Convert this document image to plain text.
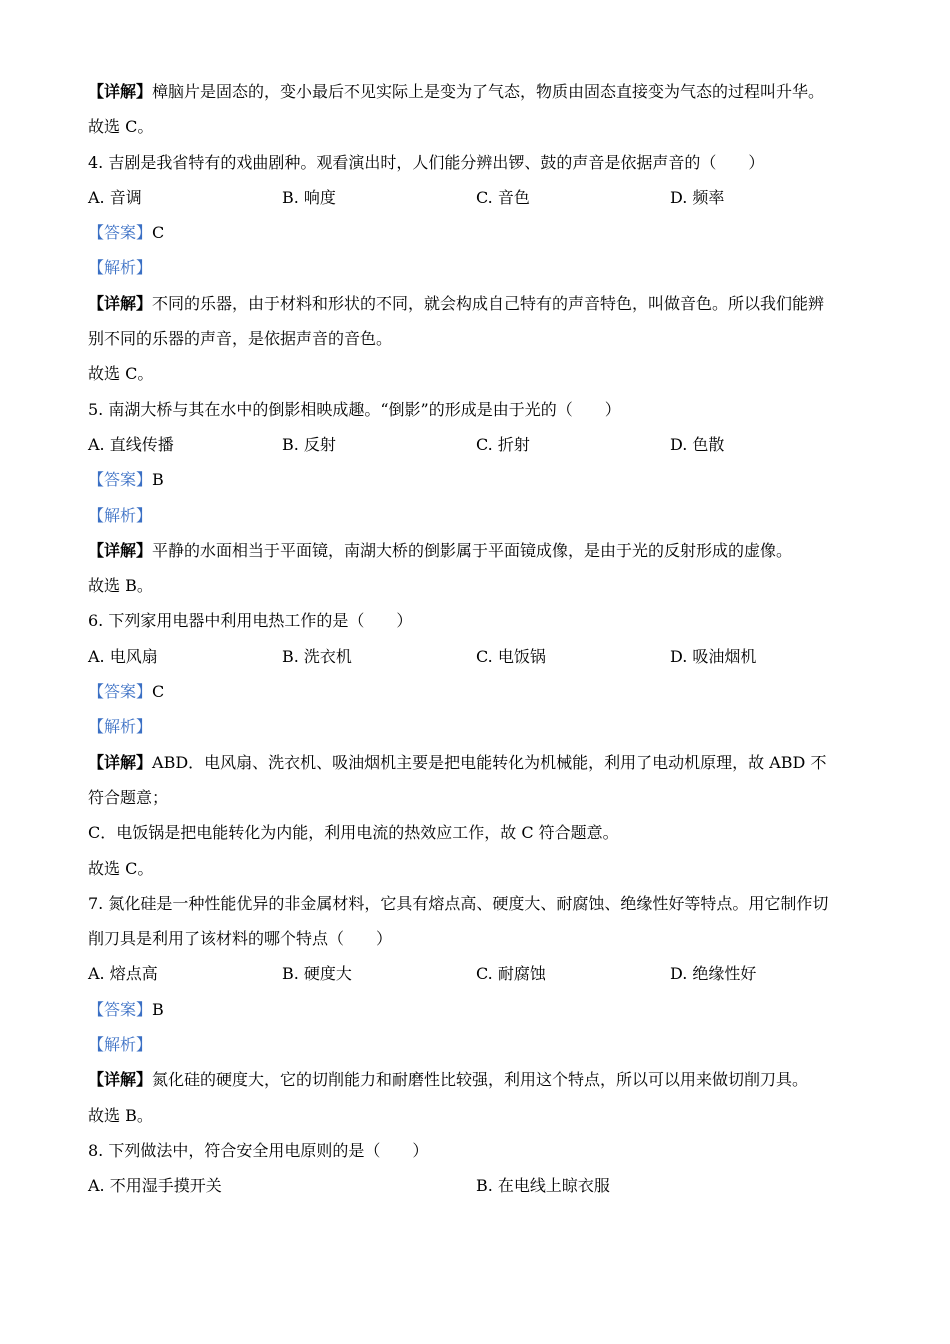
【详解】樟脑片是固态的，变小最后不见实际上是变为了气态，物质由固态直接变为气态的过程叫升华。
故选 C。
4. 吉剧是我省特有的戏曲剧种。观看演出时，人们能分辨出锣、鼓的声音是依据声音的（　　）
A. 音调	B. 响度	C. 音色	D. 频率
【答案】C
【解析】
【详解】不同的乐器，由于材料和形状的不同，就会构成自己特有的声音特色，叫做音色。所以我们能辨
别不同的乐器的声音，是依据声音的音色。
故选 C。
5. 南湖大桥与其在水中的倒影相映成趣。“倒影”的形成是由于光的（　　）
A. 直线传播	B. 反射	C. 折射	D. 色散
【答案】B
【解析】
【详解】平静的水面相当于平面镜，南湖大桥的倒影属于平面镜成像，是由于光的反射形成的虚像。
故选 B。
6. 下列家用电器中利用电热工作的是（　　）
A. 电风扇	B. 洗衣机	C. 电饭锅	D. 吸油烟机
【答案】C
【解析】
【详解】ABD．电风扇、洗衣机、吸油烟机主要是把电能转化为机械能，利用了电动机原理，故 ABD 不
符合题意；
C．电饭锅是把电能转化为内能，利用电流的热效应工作，故 C 符合题意。
故选 C。
7. 氮化硅是一种性能优异的非金属材料，它具有熔点高、硬度大、耐腐蚀、绝缘性好等特点。用它制作切
削刀具是利用了该材料的哪个特点（　　）
A. 熔点高	B. 硬度大	C. 耐腐蚀	D. 绝缘性好
【答案】B
【解析】
【详解】氮化硅的硬度大，它的切削能力和耐磨性比较强，利用这个特点，所以可以用来做切削刀具。
故选 B。
8. 下列做法中，符合安全用电原则的是（　　）
A. 不用湿手摸开关	B. 在电线上晾衣服
